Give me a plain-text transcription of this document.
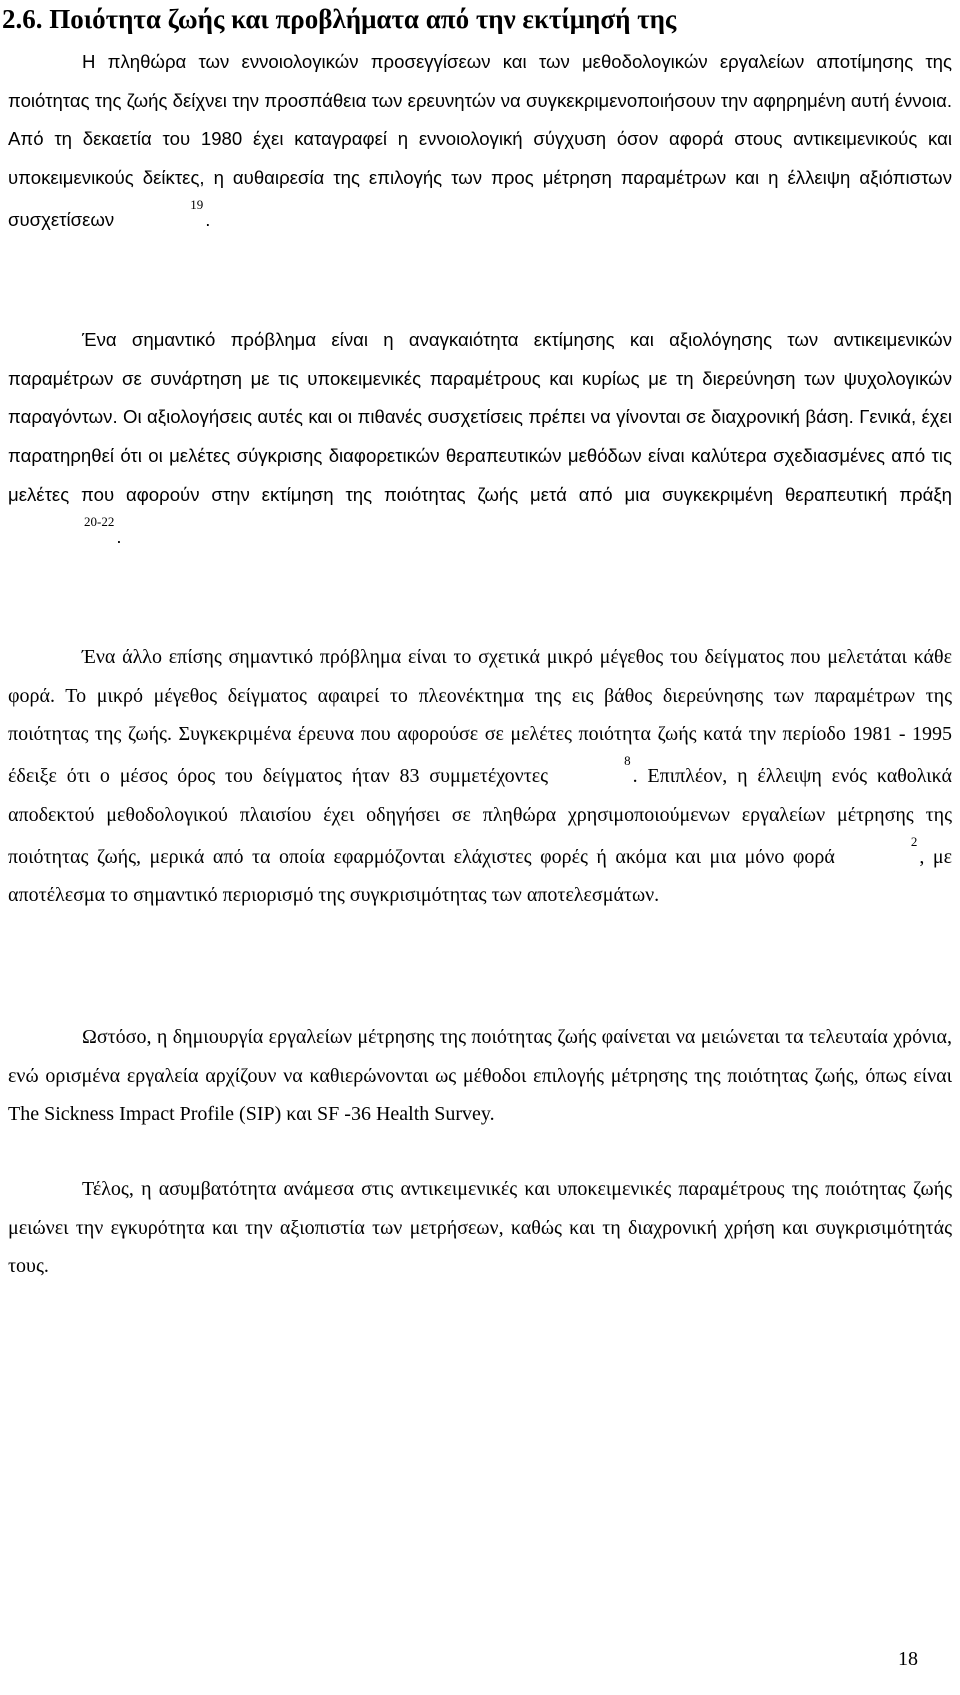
2.6. Ποιότητα ζωής και προβλήματα από την εκτίμησή της

Η πληθώρα των εννοιολογικών προσεγγίσεων και των μεθοδολογικών εργαλείων αποτίμησης της ποιότητας της ζωής δείχνει την προσπάθεια των ερευνητών να συγκεκριμενοποιήσουν την αφηρημένη αυτή έννοια. Από τη δεκαετία του 1980 έχει καταγραφεί η εννοιολογική σύγχυση όσον αφορά στους αντικειμενικούς και υποκειμενικούς δείκτες, η αυθαιρεσία της επιλογής των προς μέτρηση παραμέτρων και η έλλειψη αξιόπιστων συσχετίσεων19.

Ένα σημαντικό πρόβλημα είναι η αναγκαιότητα εκτίμησης και αξιολόγησης των αντικειμενικών παραμέτρων σε συνάρτηση με τις υποκειμενικές παραμέτρους και κυρίως με τη διερεύνηση των ψυχολογικών παραγόντων. Οι αξιολογήσεις αυτές και οι πιθανές συσχετίσεις πρέπει να γίνονται σε διαχρονική βάση. Γενικά, έχει παρατηρηθεί ότι οι μελέτες σύγκρισης διαφορετικών θεραπευτικών μεθόδων είναι καλύτερα σχεδιασμένες από τις μελέτες που αφορούν στην εκτίμηση της ποιότητας ζωής μετά από μια συγκεκριμένη θεραπευτική πράξη20-22.

Ένα άλλο επίσης σημαντικό πρόβλημα είναι το σχετικά μικρό μέγεθος του δείγματος που μελετάται κάθε φορά. Το μικρό μέγεθος δείγματος αφαιρεί το πλεονέκτημα της εις βάθος διερεύνησης των παραμέτρων της ποιότητας της ζωής. Συγκεκριμένα έρευνα που αφορούσε σε μελέτες ποιότητα ζωής κατά την περίοδο 1981 - 1995 έδειξε ότι ο μέσος όρος του δείγματος ήταν 83 συμμετέχοντες8. Επιπλέον, η έλλειψη ενός καθολικά αποδεκτού μεθοδολογικού πλαισίου έχει οδηγήσει σε πληθώρα χρησιμοποιούμενων εργαλείων μέτρησης της ποιότητας ζωής, μερικά από τα οποία εφαρμόζονται ελάχιστες φορές ή ακόμα και μια μόνο φορά2, με αποτέλεσμα το σημαντικό περιορισμό της συγκρισιμότητας των αποτελεσμάτων.

Ωστόσο, η δημιουργία εργαλείων μέτρησης της ποιότητας ζωής φαίνεται να μειώνεται τα τελευταία χρόνια, ενώ ορισμένα εργαλεία αρχίζουν να καθιερώνονται ως μέθοδοι επιλογής μέτρησης της ποιότητας ζωής, όπως είναι The Sickness Impact Profile (SIP) και SF -36 Health Survey.

Τέλος, η ασυμβατότητα ανάμεσα στις αντικειμενικές και υποκειμενικές παραμέτρους της ποιότητας ζωής μειώνει την εγκυρότητα και την αξιοπιστία των μετρήσεων, καθώς και τη διαχρονική χρήση και συγκρισιμότητάς τους.

18
